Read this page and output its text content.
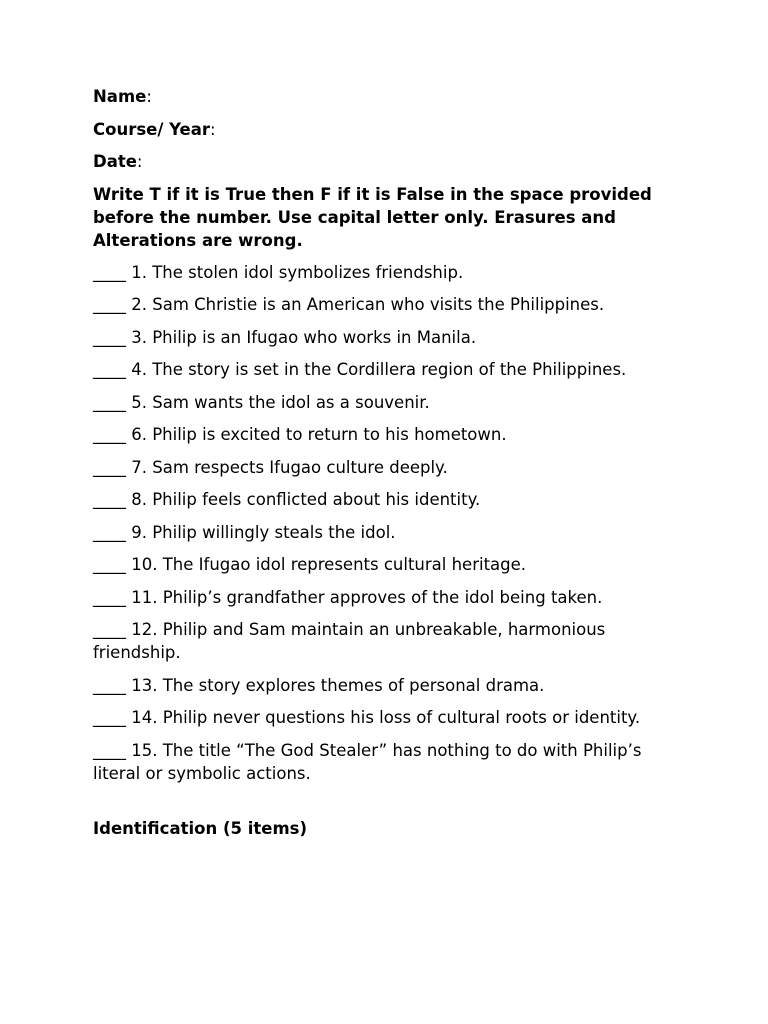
Name:
Course/ Year:
Date:
Write T if it is True then F if it is False in the space provided before the number. Use capital letter only. Erasures and Alterations are wrong.
____ 1. The stolen idol symbolizes friendship.
____ 2. Sam Christie is an American who visits the Philippines.
____ 3. Philip is an Ifugao who works in Manila.
____ 4. The story is set in the Cordillera region of the Philippines.
____ 5. Sam wants the idol as a souvenir.
____ 6. Philip is excited to return to his hometown.
____ 7. Sam respects Ifugao culture deeply.
____ 8. Philip feels conflicted about his identity.
____ 9. Philip willingly steals the idol.
____ 10. The Ifugao idol represents cultural heritage.
____ 11. Philip’s grandfather approves of the idol being taken.
____ 12. Philip and Sam maintain an unbreakable, harmonious friendship.
____ 13. The story explores themes of personal drama.
____ 14. Philip never questions his loss of cultural roots or identity.
____ 15. The title “The God Stealer” has nothing to do with Philip’s literal or symbolic actions.
Identification (5 items)
